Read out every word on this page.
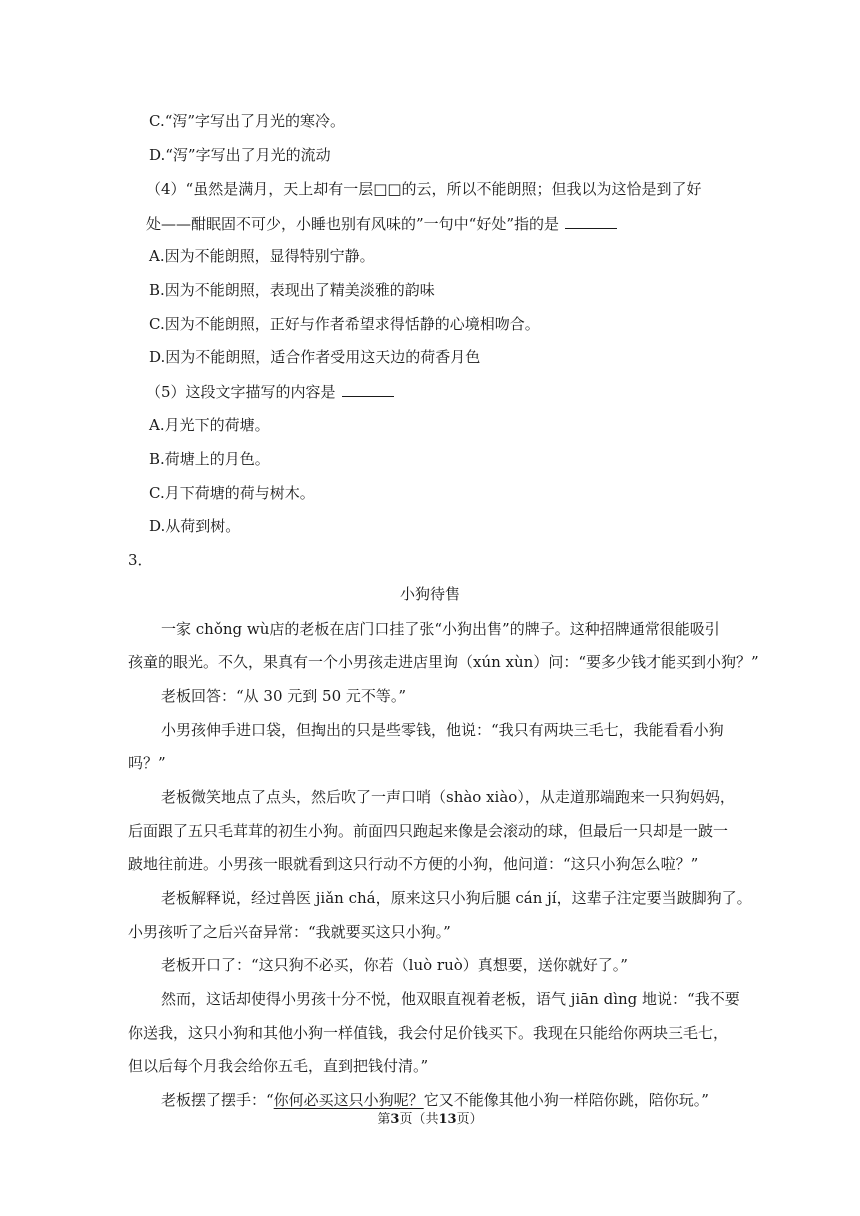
C.“泻”字写出了月光的寒冷。
D.“泻”字写出了月光的流动
（4）“虽然是满月，天上却有一层□□的云，所以不能朗照；但我以为这恰是到了好
处——酣眠固不可少，小睡也别有风味的”一句中“好处”指的是
A.因为不能朗照，显得特别宁静。
B.因为不能朗照，表现出了精美淡雅的韵味
C.因为不能朗照，正好与作者希望求得恬静的心境相吻合。
D.因为不能朗照，适合作者受用这天边的荷香月色
（5）这段文字描写的内容是
A.月光下的荷塘。
B.荷塘上的月色。
C.月下荷塘的荷与树木。
D.从荷到树。
3．
小狗待售
一家 chǒng wù店的老板在店门口挂了张“小狗出售”的牌子。这种招牌通常很能吸引
孩童的眼光。不久，果真有一个小男孩走进店里询（xún xùn）问：“要多少钱才能买到小狗？”
老板回答：“从 30 元到 50 元不等。”
小男孩伸手进口袋，但掏出的只是些零钱，他说：“我只有两块三毛七，我能看看小狗
吗？”
老板微笑地点了点头，然后吹了一声口哨（shào xiào），从走道那端跑来一只狗妈妈，
后面跟了五只毛茸茸的初生小狗。前面四只跑起来像是会滚动的球，但最后一只却是一跛一
跛地往前进。小男孩一眼就看到这只行动不方便的小狗，他问道：“这只小狗怎么啦？”
老板解释说，经过兽医 jiǎn chá，原来这只小狗后腿 cán jí，这辈子注定要当跛脚狗了。
小男孩听了之后兴奋异常：“我就要买这只小狗。”
老板开口了：“这只狗不必买，你若（luò ruò）真想要，送你就好了。”
然而，这话却使得小男孩十分不悦，他双眼直视着老板，语气 jiān dìng 地说：“我不要
你送我，这只小狗和其他小狗一样值钱，我会付足价钱买下。我现在只能给你两块三毛七，
但以后每个月我会给你五毛，直到把钱付清。”
老板摆了摆手：“你何必买这只小狗呢？它又不能像其他小狗一样陪你跳，陪你玩。”
第3页（共13页）
